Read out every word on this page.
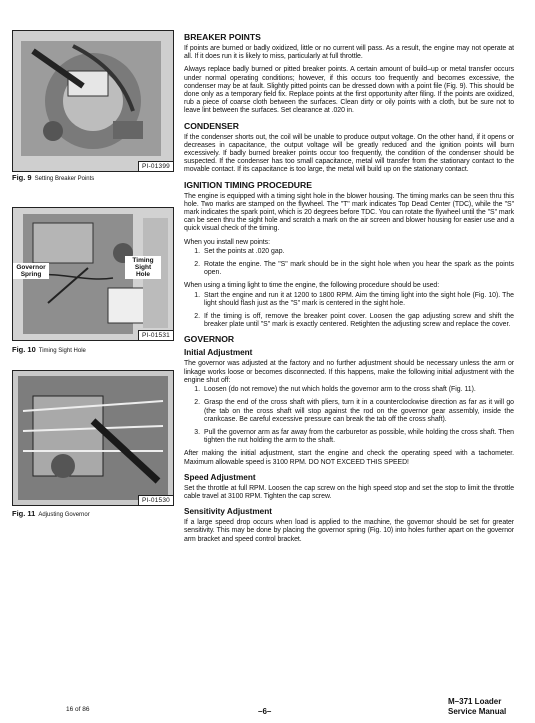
PI-01399
Fig. 9 Setting Breaker Points
Governor Spring
Timing Sight Hole
PI-01531
Fig. 10 Timing Sight Hole
PI-01530
Fig. 11 Adjusting Governor
BREAKER POINTS

If points are burned or badly oxidized, little or no current will pass. As a result, the engine may not operate at all. If it does run it is likely to miss, particularly at full throttle.

Always replace badly burned or pitted breaker points. A certain amount of build–up or metal transfer occurs under normal operating conditions; however, if this occurs too frequently and becomes excessive, the condenser may be at fault. Slightly pitted points can be dressed down with a point file (Fig. 9). This should be done only as a temporary field fix. Replace points at the first opportunity after filing. If the points are oxidized, rub a piece of coarse cloth between the surfaces. Clean dirty or oily points with a cloth, but be sure not to leave lint between the surfaces. Set clearance at .020 in.

CONDENSER

If the condenser shorts out, the coil will be unable to produce output voltage. On the other hand, if it opens or decreases in capacitance, the output voltage will be greatly reduced and the ignition points will burn excessively. If badly burned breaker points occur too frequently, the condition of the condenser should be suspected. If the condenser has too small capacitance, metal will transfer from the stationary contact to the movable contact. If its capacitance is too large, the metal will build up on the stationary contact.

IGNITION TIMING PROCEDURE

The engine is equipped with a timing sight hole in the blower housing. The timing marks can be seen thru this hole. Two marks are stamped on the flywheel. The "T" mark indicates Top Dead Center (TDC), while the "S" mark indicates the spark point, which is 20 degrees before TDC. You can rotate the flywheel until the "S" mark can be seen thru the sight hole and scratch a mark on the air screen and blower housing for easier use and a quick visual check of the timing.

When you install new points:

1. Set the points at .020 gap.
2. Rotate the engine. The "S" mark should be in the sight hole when you hear the spark as the points open.

When using a timing light to time the engine, the following procedure should be used:

1. Start the engine and run it at 1200 to 1800 RPM. Aim the timing light into the sight hole (Fig. 10). The light should flash just as the "S" mark is centered in the sight hole.
2. If the timing is off, remove the breaker point cover. Loosen the gap adjusting screw and shift the breaker plate until "S" mark is exactly centered. Retighten the adjusting screw and replace the cover.
GOVERNOR
Initial Adjustment

The governor was adjusted at the factory and no further adjustment should be necessary unless the arm or linkage works loose or becomes disconnected. If this happens, make the following initial adjustment with the engine shut off:

1. Loosen (do not remove) the nut which holds the governor arm to the cross shaft (Fig. 11).
2. Grasp the end of the cross shaft with pliers, turn it in a counterclockwise direction as far as it will go (the tab on the cross shaft will stop against the rod on the governor gear assembly, inside the crankcase. Be careful excessive pressure can break the tab off the cross shaft).
3. Pull the governor arm as far away from the carburetor as possible, while holding the cross shaft. Then tighten the nut holding the arm to the shaft.

After making the initial adjustment, start the engine and check the operating speed with a tachometer. Maximum allowable speed is 3100 RPM. DO NOT EXCEED THIS SPEED!

Speed Adjustment

Set the throttle at full RPM. Loosen the cap screw on the high speed stop and set the stop to limit the throttle cable travel at 3100 RPM. Tighten the cap screw.

Sensitivity Adjustment

If a large speed drop occurs when load is applied to the machine, the governor should be set for greater sensitivity. This may be done by placing the governor spring (Fig. 10) into holes further apart on the governor arm bracket and speed control bracket.

16 of 86	–6–
M–371 Loader
Service Manual
